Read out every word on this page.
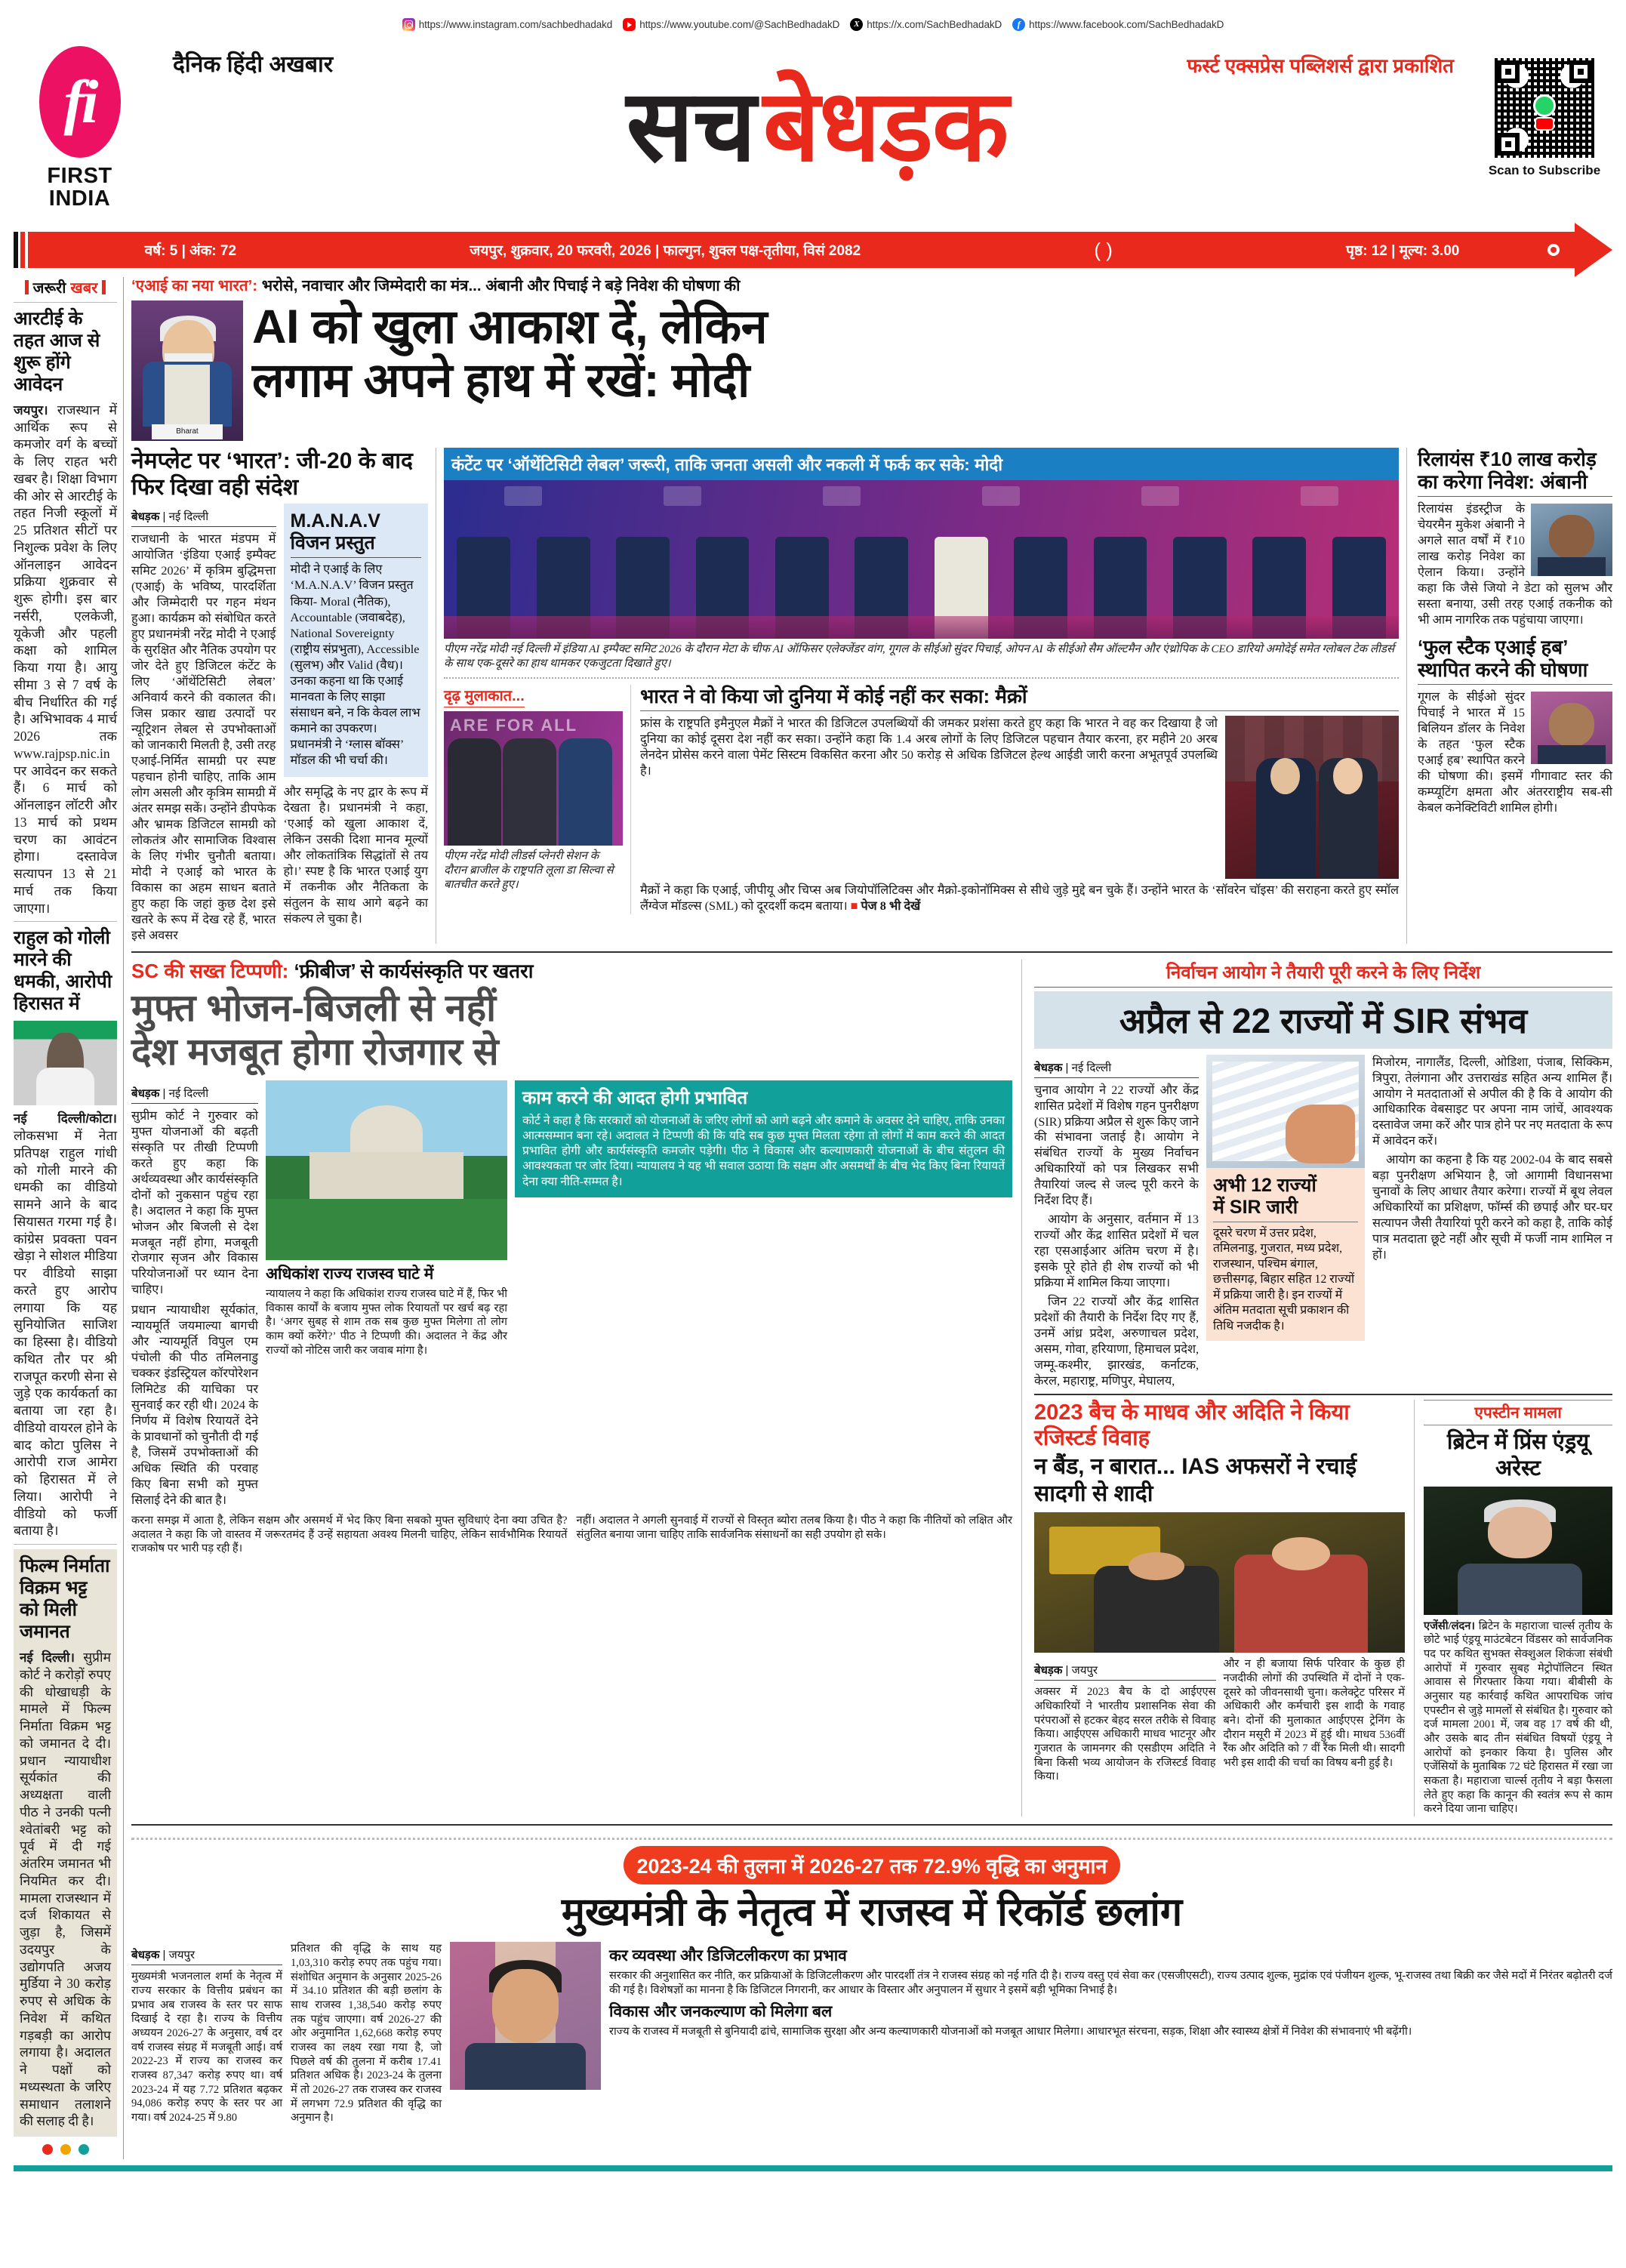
https://www.instagram.com/sachbedhadakd	https://www.youtube.com/@SachBedhadakD	X https://x.com/SachBedhadakD	f https://www.facebook.com/SachBedhadakD
fi
FIRST
INDIA
दैनिक हिंदी अखबार	फर्स्ट एक्सप्रेस पब्लिशर्स द्वारा प्रकाशित
सच बेधड़क	Scan to Subscribe
वर्ष: 5 | अंक: 72	जयपुर, शुक्रवार, 20 फरवरी, 2026 | फाल्गुन, शुक्ल पक्ष-तृतीया, विसं 2082	( )	पृष्ठ: 12 | मूल्य: 3.00
जरूरी खबर
आरटीई के तहत आज से शुरू होंगे आवेदन

जयपुर। राजस्थान में आर्थिक रूप से कमजोर वर्ग के बच्चों के लिए राहत भरी खबर है। शिक्षा विभाग की ओर से आरटीई के तहत निजी स्कूलों में 25 प्रतिशत सीटों पर निशुल्क प्रवेश के लिए ऑनलाइन आवेदन प्रक्रिया शुक्रवार से शुरू होगी। इस बार नर्सरी, एलकेजी, यूकेजी और पहली कक्षा को शामिल किया गया है। आयु सीमा 3 से 7 वर्ष के बीच निर्धारित की गई है। अभिभावक 4 मार्च 2026 तक www.rajpsp.nic.in पर आवेदन कर सकते हैं। 6 मार्च को ऑनलाइन लॉटरी और 13 मार्च को प्रथम चरण का आवंटन होगा। दस्तावेज सत्यापन 13 से 21 मार्च तक किया जाएगा।

राहुल को गोली मारने की धमकी, आरोपी हिरासत में

नई दिल्ली/कोटा। लोकसभा में नेता प्रतिपक्ष राहुल गांधी को गोली मारने की धमकी का वीडियो सामने आने के बाद सियासत गरमा गई है। कांग्रेस प्रवक्ता पवन खेड़ा ने सोशल मीडिया पर वीडियो साझा करते हुए आरोप लगाया कि यह सुनियोजित साजिश का हिस्सा है। वीडियो कथित तौर पर श्री राजपूत करणी सेना से जुड़े एक कार्यकर्ता का बताया जा रहा है। वीडियो वायरल होने के बाद कोटा पुलिस ने आरोपी राज आमेरा को हिरासत में ले लिया। आरोपी ने वीडियो को फर्जी बताया है।

फिल्म निर्माता विक्रम भट्ट को मिली जमानत

नई दिल्ली। सुप्रीम कोर्ट ने करोड़ों रुपए की धोखाधड़ी के मामले में फिल्म निर्माता विक्रम भट्ट को जमानत दे दी। प्रधान न्यायाधीश सूर्यकांत की अध्यक्षता वाली पीठ ने उनकी पत्नी श्वेतांबरी भट्ट को पूर्व में दी गई अंतरिम जमानत भी नियमित कर दी। मामला राजस्थान में दर्ज शिकायत से जुड़ा है, जिसमें उदयपुर के उद्योगपति अजय मुर्डिया ने 30 करोड़ रुपए से अधिक के निवेश में कथित गड़बड़ी का आरोप लगाया है। अदालत ने पक्षों को मध्यस्थता के जरिए समाधान तलाशने की सलाह दी है।

‘एआई का नया भारत’: भरोसे, नवाचार और जिम्मेदारी का मंत्र... अंबानी और पिचाई ने बड़े निवेश की घोषणा की
Bharat
AI को खुला आकाश दें, लेकिन
लगाम अपने हाथ में रखें: मोदी
नेमप्लेट पर ‘भारत’: जी-20 के बाद फिर दिखा वही संदेश
बेधड़क | नई दिल्ली

राजधानी के भारत मंडपम में आयोजित ‘इंडिया एआई इम्पैक्ट समिट 2026’ में कृत्रिम बुद्धिमत्ता (एआई) के भविष्य, पारदर्शिता और जिम्मेदारी पर गहन मंथन हुआ। कार्यक्रम को संबोधित करते हुए प्रधानमंत्री नरेंद्र मोदी ने एआई के सुरक्षित और नैतिक उपयोग पर जोर देते हुए डिजिटल कंटेंट के लिए ‘ऑथेंटिसिटी लेबल’ अनिवार्य करने की वकालत की। जिस प्रकार खाद्य उत्पादों पर न्यूट्रिशन लेबल से उपभोक्ताओं को जानकारी मिलती है, उसी तरह एआई-निर्मित सामग्री पर स्पष्ट पहचान होनी चाहिए, ताकि आम लोग असली और कृत्रिम सामग्री में अंतर समझ सकें। उन्होंने डीपफेक और भ्रामक डिजिटल सामग्री को लोकतंत्र और सामाजिक विश्वास के लिए गंभीर चुनौती बताया। मोदी ने एआई को भारत के विकास का अहम साधन बताते हुए कहा कि जहां कुछ देश इसे खतरे के रूप में देख रहे हैं, भारत इसे अवसर

M.A.N.A.V
विजन प्रस्तुत

मोदी ने एआई के लिए ‘M.A.N.A.V’ विजन प्रस्तुत किया- Moral (नैतिक), Accountable (जवाबदेह), National Sovereignty (राष्ट्रीय संप्रभुता), Accessible (सुलभ) और Valid (वैध)। उनका कहना था कि एआई मानवता के लिए साझा संसाधन बने, न कि केवल लाभ कमाने का उपकरण। प्रधानमंत्री ने ‘ग्लास बॉक्स’ मॉडल की भी चर्चा की।

और समृद्धि के नए द्वार के रूप में देखता है। प्रधानमंत्री ने कहा, ‘एआई को खुला आकाश दें, लेकिन उसकी दिशा मानव मूल्यों और लोकतांत्रिक सिद्धांतों से तय हो।’ स्पष्ट है कि भारत एआई युग में तकनीक और नैतिकता के संतुलन के साथ आगे बढ़ने का संकल्प ले चुका है।

कंटेंट पर ‘ऑथेंटिसिटी लेबल’ जरूरी, ताकि जनता असली और नकली में फर्क कर सके: मोदी
पीएम नरेंद्र मोदी नई दिल्ली में इंडिया AI इम्पैक्ट समिट 2026 के दौरान मेटा के चीफ AI ऑफिसर एलेक्जेंडर वांग, गूगल के सीईओ सुंदर पिचाई, ओपन AI के सीईओ सैम ऑल्टमैन और एंथ्रोपिक के CEO डारियो अमोदेई समेत ग्लोबल टेक लीडर्स के साथ एक-दूसरे का हाथ थामकर एकजुटता दिखाते हुए।
दृढ़ मुलाकात...
ARE FOR ALL
पीएम नरेंद्र मोदी लीडर्स प्लेनरी सेशन के दौरान ब्राजील के राष्ट्रपति लूला डा सिल्वा से बातचीत करते हुए।
भारत ने वो किया जो दुनिया में कोई नहीं कर सका: मैक्रों

फ्रांस के राष्ट्रपति इमैनुएल मैक्रों ने भारत की डिजिटल उपलब्धियों की जमकर प्रशंसा करते हुए कहा कि भारत ने वह कर दिखाया है जो दुनिया का कोई दूसरा देश नहीं कर सका। उन्होंने कहा कि 1.4 अरब लोगों के लिए डिजिटल पहचान तैयार करना, हर महीने 20 अरब लेनदेन प्रोसेस करने वाला पेमेंट सिस्टम विकसित करना और 50 करोड़ से अधिक डिजिटल हेल्थ आईडी जारी करना अभूतपूर्व उपलब्धि है।

मैक्रों ने कहा कि एआई, जीपीयू और चिप्स अब जियोपॉलिटिक्स और मैक्रो-इकोनॉमिक्स से सीधे जुड़े मुद्दे बन चुके हैं। उन्होंने भारत के ‘सॉवरेन चॉइस’ की सराहना करते हुए स्मॉल लैंग्वेज मॉडल्स (SML) को दूरदर्शी कदम बताया। ■ पेज 8 भी देखें

रिलायंस ₹10 लाख करोड़ का करेगा निवेश: अंबानी

रिलायंस इंडस्ट्रीज के चेयरमैन मुकेश अंबानी ने अगले सात वर्षों में ₹10 लाख करोड़ निवेश का ऐलान किया। उन्होंने कहा कि जैसे जियो ने डेटा को सुलभ और सस्ता बनाया, उसी तरह एआई तकनीक को भी आम नागरिक तक पहुंचाया जाएगा।

‘फुल स्टैक एआई हब’ स्थापित करने की घोषणा

गूगल के सीईओ सुंदर पिचाई ने भारत में 15 बिलियन डॉलर के निवेश के तहत ‘फुल स्टैक एआई हब’ स्थापित करने की घोषणा की। इसमें गीगावाट स्तर की कम्प्यूटिंग क्षमता और अंतरराष्ट्रीय सब-सी केबल कनेक्टिविटी शामिल होगी।

SC की सख्त टिप्पणी: ‘फ्रीबीज’ से कार्यसंस्कृति पर खतरा
मुफ्त भोजन-बिजली से नहीं
देश मजबूत होगा रोजगार से
बेधड़क | नई दिल्ली

सुप्रीम कोर्ट ने गुरुवार को मुफ्त योजनाओं की बढ़ती संस्कृति पर तीखी टिप्पणी करते हुए कहा कि अर्थव्यवस्था और कार्यसंस्कृति दोनों को नुकसान पहुंच रहा है। अदालत ने कहा कि मुफ्त भोजन और बिजली से देश मजबूत नहीं होगा, मजबूती रोजगार सृजन और विकास परियोजनाओं पर ध्यान देना चाहिए।

प्रधान न्यायाधीश सूर्यकांत, न्यायमूर्ति जयमाल्या बागची और न्यायमूर्ति विपुल एम पंचोली की पीठ तमिलनाडु चक्कर इंडस्ट्रियल कॉरपोरेशन लिमिटेड की याचिका पर सुनवाई कर रही थी। 2024 के निर्णय में विशेष रियायतें देने के प्रावधानों को चुनौती दी गई है, जिसमें उपभोक्ताओं की अधिक स्थिति की परवाह किए बिना सभी को मुफ्त सिलाई देने की बात है।

अधिकांश राज्य राजस्व घाटे में

न्यायालय ने कहा कि अधिकांश राज्य राजस्व घाटे में हैं, फिर भी विकास कार्यों के बजाय मुफ्त लोक रियायतों पर खर्च बढ़ रहा है। ‘अगर सुबह से शाम तक सब कुछ मुफ्त मिलेगा तो लोग काम क्यों करेंगे?’ पीठ ने टिप्पणी की। अदालत ने केंद्र और राज्यों को नोटिस जारी कर जवाब मांगा है।

काम करने की आदत होगी प्रभावित

कोर्ट ने कहा है कि सरकारों को योजनाओं के जरिए लोगों को आगे बढ़ने और कमाने के अवसर देने चाहिए, ताकि उनका आत्मसम्मान बना रहे। अदालत ने टिप्पणी की कि यदि सब कुछ मुफ्त मिलता रहेगा तो लोगों में काम करने की आदत प्रभावित होगी और कार्यसंस्कृति कमजोर पड़ेगी। पीठ ने विकास और कल्याणकारी योजनाओं के बीच संतुलन की आवश्यकता पर जोर दिया। न्यायालय ने यह भी सवाल उठाया कि सक्षम और असमर्थों के बीच भेद किए बिना रियायतें देना क्या नीति-सम्मत है।

करना समझ में आता है, लेकिन सक्षम और असमर्थ में भेद किए बिना सबको मुफ्त सुविधाएं देना क्या उचित है? अदालत ने कहा कि जो वास्तव में जरूरतमंद हैं उन्हें सहायता अवश्य मिलनी चाहिए, लेकिन सार्वभौमिक रियायतें राजकोष पर भारी पड़ रही हैं।

नहीं। अदालत ने अगली सुनवाई में राज्यों से विस्तृत ब्योरा तलब किया है। पीठ ने कहा कि नीतियों को लक्षित और संतुलित बनाया जाना चाहिए ताकि सार्वजनिक संसाधनों का सही उपयोग हो सके।

निर्वाचन आयोग ने तैयारी पूरी करने के लिए निर्देश
अप्रैल से 22 राज्यों में SIR संभव
बेधड़क | नई दिल्ली

चुनाव आयोग ने 22 राज्यों और केंद्र शासित प्रदेशों में विशेष गहन पुनरीक्षण (SIR) प्रक्रिया अप्रैल से शुरू किए जाने की संभावना जताई है। आयोग ने संबंधित राज्यों के मुख्य निर्वाचन अधिकारियों को पत्र लिखकर सभी तैयारियां जल्द से जल्द पूरी करने के निर्देश दिए हैं।

आयोग के अनुसार, वर्तमान में 13 राज्यों और केंद्र शासित प्रदेशों में चल रहा एसआईआर अंतिम चरण में है। इसके पूरे होते ही शेष राज्यों को भी प्रक्रिया में शामिल किया जाएगा।

जिन 22 राज्यों और केंद्र शासित प्रदेशों की तैयारी के निर्देश दिए गए हैं, उनमें आंध्र प्रदेश, अरुणाचल प्रदेश, असम, गोवा, हरियाणा, हिमाचल प्रदेश, जम्मू-कश्मीर, झारखंड, कर्नाटक, केरल, महाराष्ट्र, मणिपुर, मेघालय,

अभी 12 राज्यों
में SIR जारी

दूसरे चरण में उत्तर प्रदेश, तमिलनाडु, गुजरात, मध्य प्रदेश, राजस्थान, पश्चिम बंगाल, छत्तीसगढ़, बिहार सहित 12 राज्यों में प्रक्रिया जारी है। इन राज्यों में अंतिम मतदाता सूची प्रकाशन की तिथि नजदीक है।

मिजोरम, नागालैंड, दिल्ली, ओडिशा, पंजाब, सिक्किम, त्रिपुरा, तेलंगाना और उत्तराखंड सहित अन्य शामिल हैं। आयोग ने मतदाताओं से अपील की है कि वे आयोग की आधिकारिक वेबसाइट पर अपना नाम जांचें, आवश्यक दस्तावेज जमा करें और पात्र होने पर नए मतदाता के रूप में आवेदन करें।

आयोग का कहना है कि यह 2002-04 के बाद सबसे बड़ा पुनरीक्षण अभियान है, जो आगामी विधानसभा चुनावों के लिए आधार तैयार करेगा। राज्यों में बूथ लेवल अधिकारियों का प्रशिक्षण, फॉर्म्स की छपाई और घर-घर सत्यापन जैसी तैयारियां पूरी करने को कहा है, ताकि कोई पात्र मतदाता छूटे नहीं और सूची में फर्जी नाम शामिल न हों।

2023 बैच के माधव और अदिति ने किया रजिस्टर्ड विवाह
न बैंड, न बारात... IAS अफसरों ने रचाई सादगी से शादी
बेधड़क | जयपुर

अक्सर में 2023 बैच के दो आईएएस अधिकारियों ने भारतीय प्रशासनिक सेवा की परंपराओं से हटकर बेहद सरल तरीके से विवाह किया। आईएएस अधिकारी माधव भाटनूर और गुजरात के जामनगर की एसडीएम अदिति ने बिना किसी भव्य आयोजन के रजिस्टर्ड विवाह किया।

और न ही बजाया सिर्फ परिवार के कुछ ही नजदीकी लोगों की उपस्थिति में दोनों ने एक-दूसरे को जीवनसाथी चुना। कलेक्ट्रेट परिसर में अधिकारी और कर्मचारी इस शादी के गवाह बने। दोनों की मुलाकात आईएएस ट्रेनिंग के दौरान मसूरी में 2023 में हुई थी। माधव 536वीं रैंक और अदिति को 7 वीं रैंक मिली थी। सादगी भरी इस शादी की चर्चा का विषय बनी हुई है।

एपस्टीन मामला
ब्रिटेन में प्रिंस एंड्रयू अरेस्ट

एजेंसी/लंदन। ब्रिटेन के महाराजा चार्ल्स तृतीय के छोटे भाई एंड्रयू माउंटबेटन विंडसर को सार्वजनिक पद पर कथित सुभक्त सेक्शुअल शिकंजा संबंधी आरोपों में गुरुवार सुबह मेट्रोपॉलिटन स्थित आवास से गिरफ्तार किया गया। बीबीसी के अनुसार यह कार्रवाई कथित आपराधिक जांच एपस्टीन से जुड़े मामलों से संबंधित है। गुरुवार को दर्ज मामला 2001 में, जब वह 17 वर्ष की थी, और उसके बाद तीन संबंधित विषयों एंड्रयू ने आरोपों को इनकार किया है। पुलिस और एजेंसियों के मुताबिक 72 घंटे हिरासत में रखा जा सकता है। महाराजा चार्ल्स तृतीय ने बड़ा फैसला लेते हुए कहा कि कानून की स्वतंत्र रूप से काम करने दिया जाना चाहिए।

2023-24 की तुलना में 2026-27 तक 72.9% वृद्धि का अनुमान
मुख्यमंत्री के नेतृत्व में राजस्व में रिकॉर्ड छलांग
बेधड़क | जयपुर

मुख्यमंत्री भजनलाल शर्मा के नेतृत्व में राज्य सरकार के वित्तीय प्रबंधन का प्रभाव अब राजस्व के स्तर पर साफ दिखाई दे रहा है। राज्य के वित्तीय अध्ययन 2026-27 के अनुसार, वर्ष दर वर्ष राजस्व संग्रह में मजबूती आई। वर्ष 2022-23 में राज्य का राजस्व कर राजस्व 87,347 करोड़ रुपए था। वर्ष 2023-24 में यह 7.72 प्रतिशत बढ़कर 94,086 करोड़ रुपए के स्तर पर आ गया। वर्ष 2024-25 में 9.80

प्रतिशत की वृद्धि के साथ यह 1,03,310 करोड़ रुपए तक पहुंच गया। संशोधित अनुमान के अनुसार 2025-26 में 34.10 प्रतिशत की बड़ी छलांग के साथ राजस्व 1,38,540 करोड़ रुपए तक पहुंच जाएगा। वर्ष 2026-27 की ओर अनुमानित 1,62,668 करोड़ रुपए राजस्व का लक्ष्य रखा गया है, जो पिछले वर्ष की तुलना में करीब 17.41 प्रतिशत अधिक है। 2023-24 के तुलना में तो 2026-27 तक राजस्व कर राजस्व में लगभग 72.9 प्रतिशत की वृद्धि का अनुमान है।

कर व्यवस्था और डिजिटलीकरण का प्रभाव

सरकार की अनुशासित कर नीति, कर प्रक्रियाओं के डिजिटलीकरण और पारदर्शी तंत्र ने राजस्व संग्रह को नई गति दी है। राज्य वस्तु एवं सेवा कर (एसजीएसटी), राज्य उत्पाद शुल्क, मुद्रांक एवं पंजीयन शुल्क, भू-राजस्व तथा बिक्री कर जैसे मदों में निरंतर बढ़ोतरी दर्ज की गई है। विशेषज्ञों का मानना है कि डिजिटल निगरानी, कर आधार के विस्तार और अनुपालन में सुधार ने इसमें बड़ी भूमिका निभाई है।

विकास और जनकल्याण को मिलेगा बल

राज्य के राजस्व में मजबूती से बुनियादी ढांचे, सामाजिक सुरक्षा और अन्य कल्याणकारी योजनाओं को मजबूत आधार मिलेगा। आधारभूत संरचना, सड़क, शिक्षा और स्वास्थ्य क्षेत्रों में निवेश की संभावनाएं भी बढ़ेंगी।
